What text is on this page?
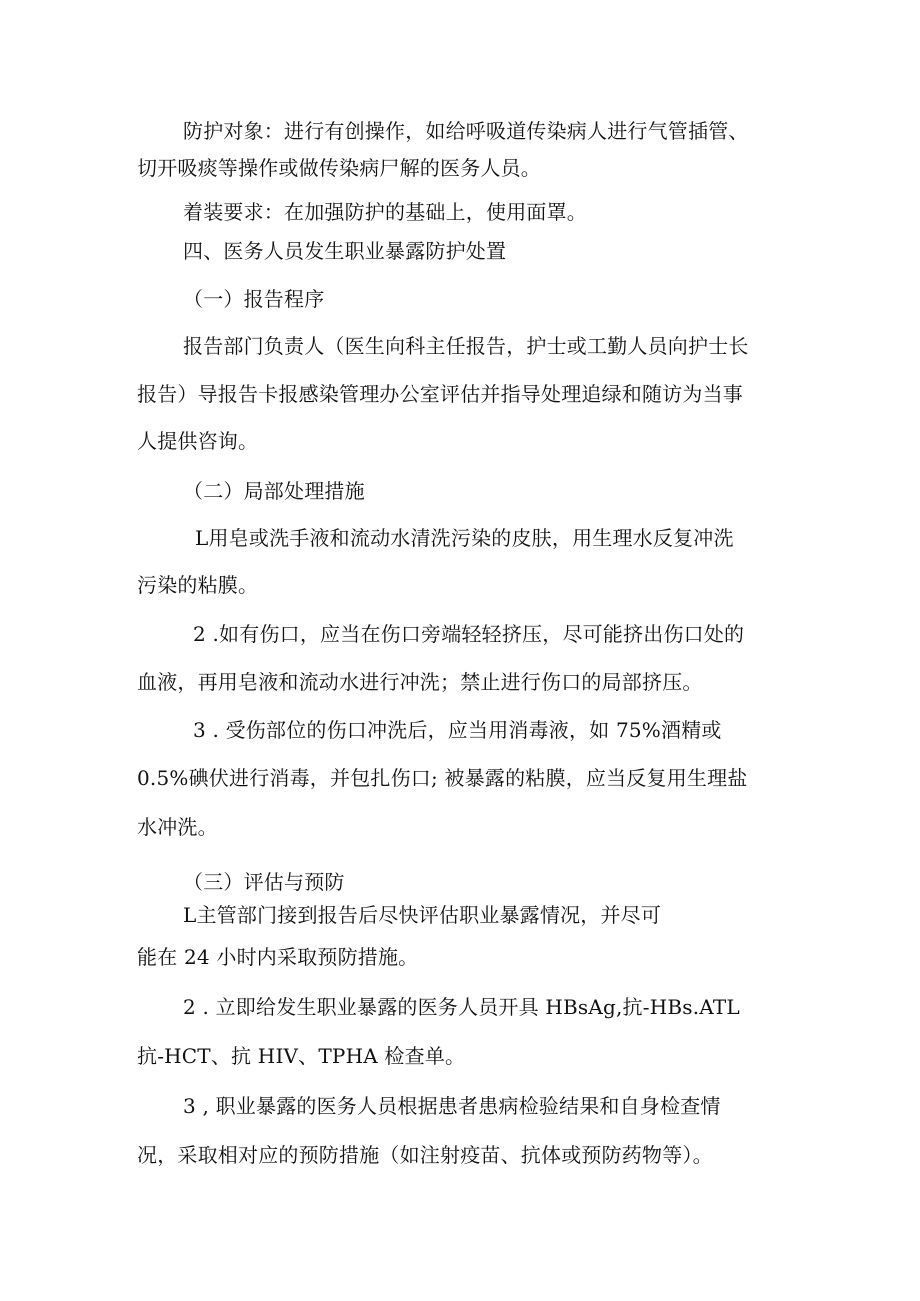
防护对象：进行有创操作，如给呼吸道传染病人进行气管插管、
切开吸痰等操作或做传染病尸解的医务人员。
着装要求：在加强防护的基础上，使用面罩。
四、医务人员发生职业暴露防护处置
（一）报告程序
报告部门负责人（医生向科主任报告，护士或工勤人员向护士长
报告）导报告卡报感染管理办公室评估并指导处理追绿和随访为当事
人提供咨询。
（二）局部处理措施
L用皂或洗手液和流动水清洗污染的皮肤，用生理水反复冲洗
污染的粘膜。
2 .如有伤口，应当在伤口旁端轻轻挤压，尽可能挤出伤口处的
血液，再用皂液和流动水进行冲洗；禁止进行伤口的局部挤压。
3 . 受伤部位的伤口冲洗后，应当用消毒液，如 75%酒精或
0.5%碘伏进行消毒，并包扎伤口; 被暴露的粘膜，应当反复用生理盐
水冲洗。
（三）评估与预防
L主管部门接到报告后尽快评估职业暴露情况，并尽可
能在 24 小时内采取预防措施。
2 . 立即给发生职业暴露的医务人员开具 HBsAg,抗-HBs.ATL
抗-HCT、抗 HIV、TPHA 检查单。
3 , 职业暴露的医务人员根据患者患病检验结果和自身检查情
况，采取相对应的预防措施（如注射疫苗、抗体或预防药物等）。
